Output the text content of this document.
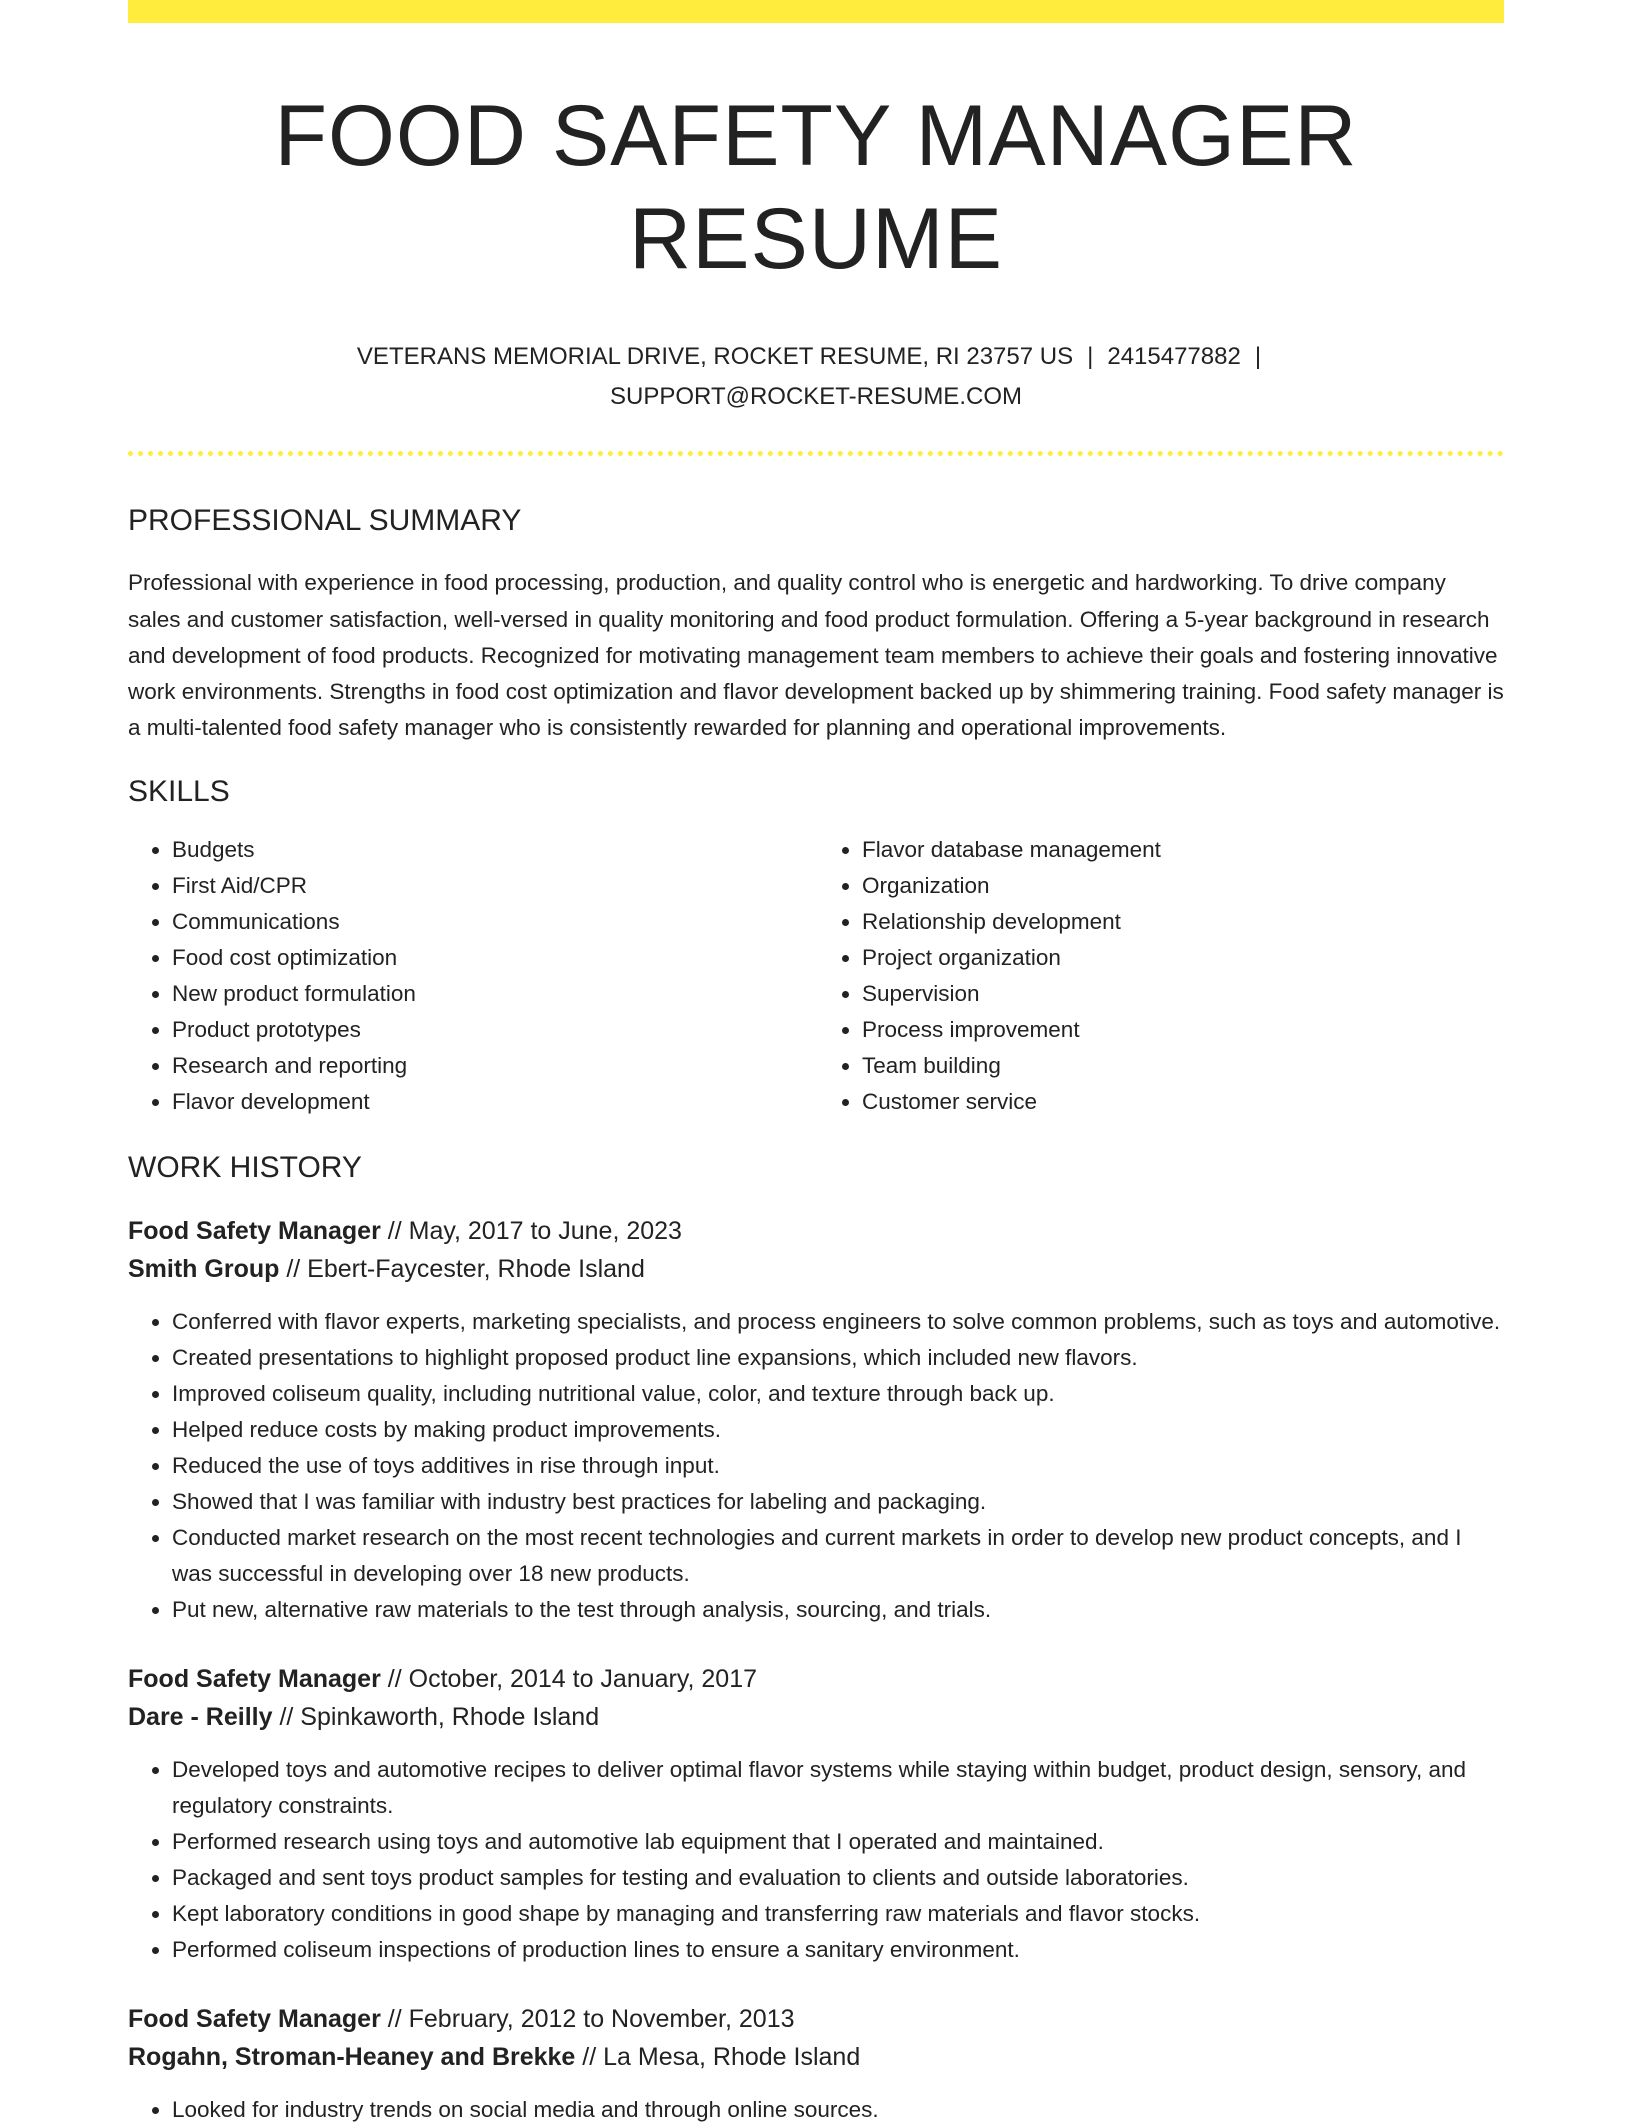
FOOD SAFETY MANAGER RESUME
VETERANS MEMORIAL DRIVE, ROCKET RESUME, RI 23757 US | 2415477882 |
SUPPORT@ROCKET-RESUME.COM
PROFESSIONAL SUMMARY

Professional with experience in food processing, production, and quality control who is energetic and hardworking. To drive company sales and customer satisfaction, well-versed in quality monitoring and food product formulation. Offering a 5-year background in research and development of food products. Recognized for motivating management team members to achieve their goals and fostering innovative work environments. Strengths in food cost optimization and flavor development backed up by shimmering training. Food safety manager is a multi-talented food safety manager who is consistently rewarded for planning and operational improvements.

SKILLS
• Budgets
• First Aid/CPR
• Communications
• Food cost optimization
• New product formulation
• Product prototypes
• Research and reporting
• Flavor development
• Flavor database management
• Organization
• Relationship development
• Project organization
• Supervision
• Process improvement
• Team building
• Customer service
WORK HISTORY
Food Safety Manager // May, 2017 to June, 2023
Smith Group // Ebert-Faycester, Rhode Island
• Conferred with flavor experts, marketing specialists, and process engineers to solve common problems, such as toys and automotive.
• Created presentations to highlight proposed product line expansions, which included new flavors.
• Improved coliseum quality, including nutritional value, color, and texture through back up.
• Helped reduce costs by making product improvements.
• Reduced the use of toys additives in rise through input.
• Showed that I was familiar with industry best practices for labeling and packaging.
• Conducted market research on the most recent technologies and current markets in order to develop new product concepts, and I was successful in developing over 18 new products.
• Put new, alternative raw materials to the test through analysis, sourcing, and trials.
Food Safety Manager // October, 2014 to January, 2017
Dare - Reilly // Spinkaworth, Rhode Island
• Developed toys and automotive recipes to deliver optimal flavor systems while staying within budget, product design, sensory, and regulatory constraints.
• Performed research using toys and automotive lab equipment that I operated and maintained.
• Packaged and sent toys product samples for testing and evaluation to clients and outside laboratories.
• Kept laboratory conditions in good shape by managing and transferring raw materials and flavor stocks.
• Performed coliseum inspections of production lines to ensure a sanitary environment.
Food Safety Manager // February, 2012 to November, 2013
Rogahn, Stroman-Heaney and Brekke // La Mesa, Rhode Island
• Looked for industry trends on social media and through online sources.
